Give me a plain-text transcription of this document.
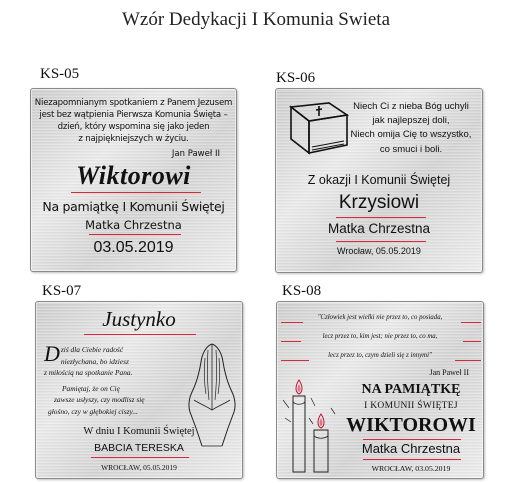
Wzór Dedykacji I Komunia Swieta
KS-05
Niezapomnianym spotkaniem z Panem Jezusem
jest bez wątpienia Pierwsza Komunia Święta –
dzień, który wspomina się jako jeden
z najpiękniejszych w życiu.
Jan Paweł II
Wiktorowi
Na pamiątkę I Komunii Świętej
Matka Chrzestna
03.05.2019
KS-06
Niech Ci z nieba Bóg uchyli
jak najlepszej doli,
Niech omija Cię to wszystko,
co smuci i boli.
Z okazji I Komunii Świętej
Krzysiowi
Matka Chrzestna
Wrocław, 05.05.2019
KS-07
Justynko
Dziś dla Ciebie radość
niezłychana, bo idziesz
z miłością na spotkanie Pana.
Pamiętaj, że on Cię
zawsze usłyszy, czy modlisz się
głośno, czy w głębokiej ciszy...
W dniu I Komunii Świętej
BABCIA TERESKA
WROCŁAW, 05.05.2019
KS-08
"Człowiek jest wielki nie przez to, co posiada,
lecz przez to, kim jest; nie przez to, co ma,
lecz przez to, czym dzieli się z innymi"
Jan Paweł II
NA PAMIĄTKĘ
I KOMUNII ŚWIĘTEJ
WIKTOROWI
Matka Chrzestna
WROCŁAW, 03.05.2019
